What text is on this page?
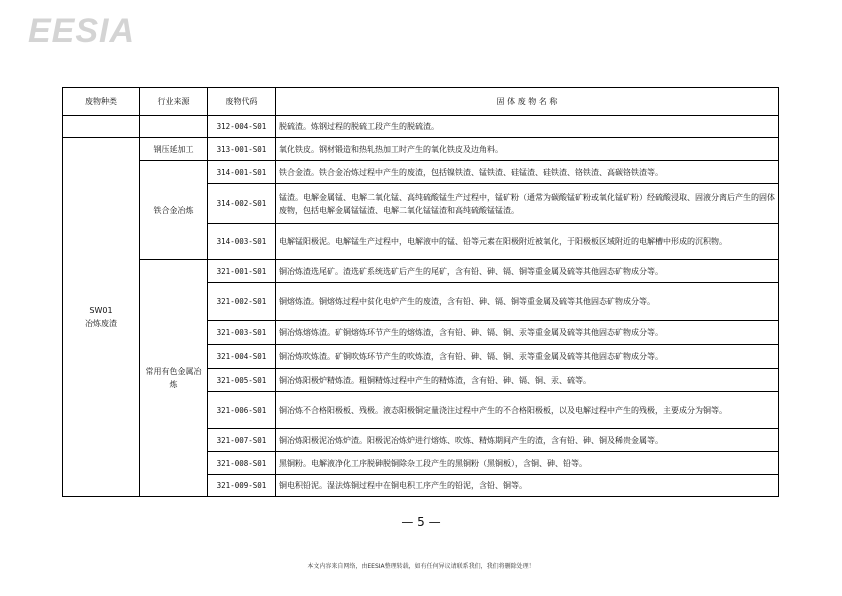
EESIA
废物种类	行业来源	废物代码	固 体 废 物 名 称
		312-004-S01	脱硫渣。炼钢过程的脱硫工段产生的脱硫渣。

SW01
冶炼废渣	钢压延加工	313-001-S01	氧化铁皮。钢材锻造和热轧热加工时产生的氧化铁皮及边角料。
	铁合金冶炼	314-001-S01	铁合金渣。铁合金冶炼过程中产生的废渣，包括镍铁渣、锰铁渣、硅锰渣、硅铁渣、铬铁渣、高碳铬铁渣等。
		314-002-S01	锰渣。电解金属锰、电解二氧化锰、高纯硫酸锰生产过程中，锰矿粉（通常为碳酸锰矿粉或氧化锰矿粉）经硫酸浸取、固液分离后产生的固体废物，包括电解金属锰锰渣、电解二氧化锰锰渣和高纯硫酸锰锰渣。
		314-003-S01	电解锰阳极泥。电解锰生产过程中，电解液中的锰、铅等元素在阳极附近被氧化，于阳极板区域附近的电解槽中形成的沉积物。
	常用有色金属冶炼	321-001-S01	铜冶炼渣选尾矿。渣选矿系统选矿后产生的尾矿，含有铅、砷、镉、铜等重金属及硫等其他固态矿物成分等。
		321-002-S01	铜熔炼渣。铜熔炼过程中贫化电炉产生的废渣，含有铅、砷、镉、铜等重金属及硫等其他固态矿物成分等。
		321-003-S01	铜冶炼熔炼渣。矿铜熔炼环节产生的熔炼渣，含有铅、砷、镉、铜、汞等重金属及硫等其他固态矿物成分等。
		321-004-S01	铜冶炼吹炼渣。矿铜吹炼环节产生的吹炼渣，含有铅、砷、镉、铜、汞等重金属及硫等其他固态矿物成分等。
		321-005-S01	铜冶炼阳极炉精炼渣。粗铜精炼过程中产生的精炼渣，含有铅、砷、镉、铜、汞、硫等。
		321-006-S01	铜冶炼不合格阳极板、残极。液态阳极铜定量浇注过程中产生的不合格阳极板，以及电解过程中产生的残极，主要成分为铜等。
		321-007-S01	铜冶炼阳极泥冶炼炉渣。阳极泥冶炼炉进行熔炼、吹炼、精炼期间产生的渣，含有铅、砷、铜及稀贵金属等。
		321-008-S01	黑铜粉。电解液净化工序脱砷脱铜除杂工段产生的黑铜粉（黑铜板），含铜、砷、铅等。
		321-009-S01	铜电积铅泥。湿法炼铜过程中在铜电积工序产生的铅泥，含铅、铜等。
— 5 —
本文内容来自网络，由EESIA整理转载，如有任何异议请联系我们，我们将删除处理！
